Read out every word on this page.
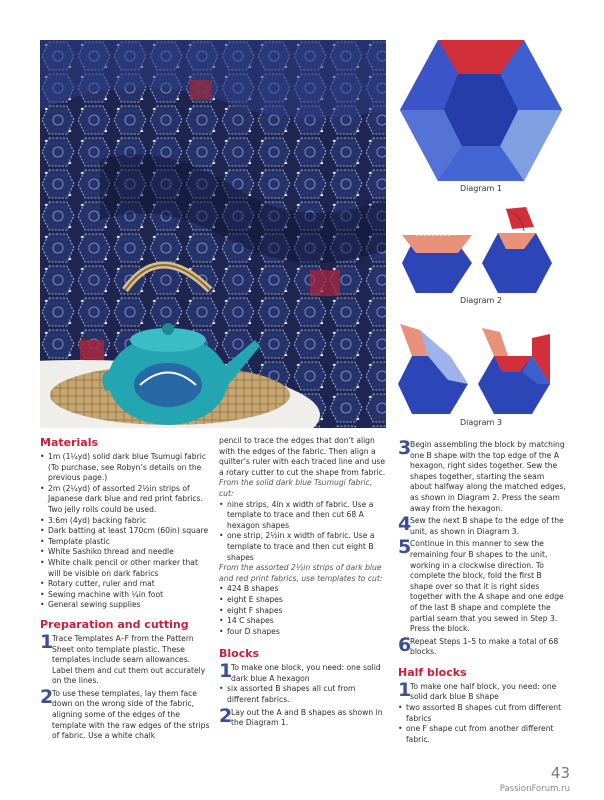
Diagram 1
Diagram 2
Diagram 3
Materials
• 1m (1¼yd) solid dark blue Tsumugi fabric (To purchase, see Robyn’s details on the previous page.)
• 2m (2¼yd) of assorted 2½in strips of Japanese dark blue and red print fabrics. Two jelly rolls could be used.
• 3.6m (4yd) backing fabric
• Dark batting at least 170cm (60in) square
• Template plastic
• White Sashiko thread and needle
• White chalk pencil or other marker that will be visible on dark fabrics
• Rotary cutter, ruler and mat
• Sewing machine with ¼in foot
• General sewing supplies
Preparation and cutting
1

Trace Templates A–F from the Pattern Sheet onto template plastic. These templates include seam allowances. Label them and cut them out accurately on the lines.

2

To use these templates, lay them face down on the wrong side of the fabric, aligning some of the edges of the template with the raw edges of the strips of fabric. Use a white chalk

pencil to trace the edges that don’t align with the edges of the fabric. Then align a quilter’s ruler with each traced line and use a rotary cutter to cut the shape from fabric.

From the solid dark blue Tsumugi fabric, cut:

• nine strips, 4in x width of fabric. Use a template to trace and then cut 68 A hexagon shapes
• one strip, 2½in x width of fabric. Use a template to trace and then cut eight B shapes

From the assorted 2½in strips of dark blue and red print fabrics, use templates to cut:

• 424 B shapes
• eight E shapes
• eight F shapes
• 14 C shapes
• four D shapes
Blocks
1

To make one block, you need: one solid dark blue A hexagon

• six assorted B shapes all cut from different fabrics.
2

Lay out the A and B shapes as shown in the Diagram 1.

3

Begin assembling the block by matching one B shape with the top edge of the A hexagon, right sides together. Sew the shapes together, starting the seam about halfway along the matched edges, as shown in Diagram 2. Press the seam away from the hexagon.

4

Sew the next B shape to the edge of the unit, as shown in Diagram 3.

5

Continue in this manner to sew the remaining four B shapes to the unit, working in a clockwise direction. To complete the block, fold the first B shape over so that it is right sides together with the A shape and one edge of the last B shape and complete the partial seam that you sewed in Step 3. Press the block.

6

Repeat Steps 1–5 to make a total of 68 blocks.

Half blocks
1

To make one half block, you need: one solid dark blue B shape

• two assorted B shapes cut from different fabrics
• one F shape cut from another different fabric.
43
PassionForum.ru
